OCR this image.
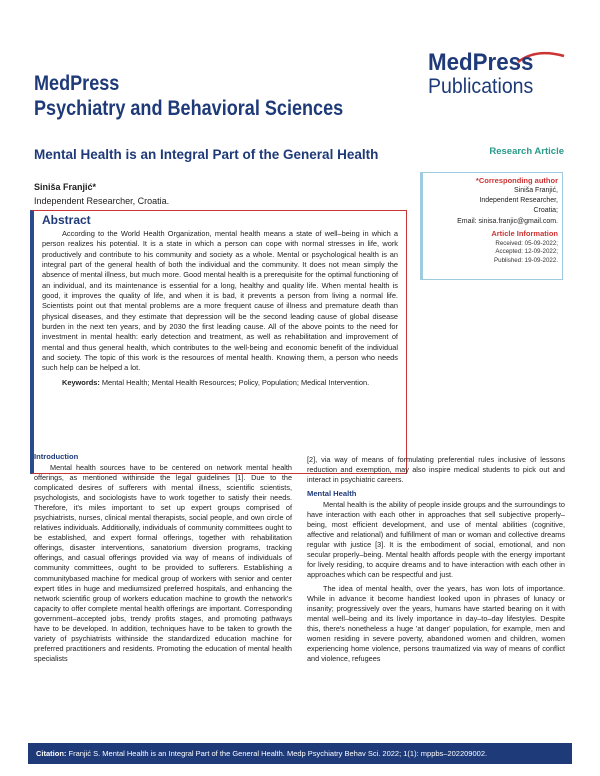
MedPress
Psychiatry and Behavioral Sciences
MedPress
Publications
Mental Health is an Integral Part of the General Health
Siniša Franjić*
Independent Researcher, Croatia.
Research Article
Abstract

According to the World Health Organization, mental health means a state of well–being in which a person realizes his potential. It is a state in which a person can cope with normal stresses in life, work productively and contribute to his community and society as a whole. Mental or psychological health is an integral part of the general health of both the individual and the community. It does not mean simply the absence of mental illness, but much more. Good mental health is a prerequisite for the optimal functioning of an individual, and its maintenance is essential for a long, healthy and quality life. When mental health is good, it improves the quality of life, and when it is bad, it prevents a person from living a normal life. Scientists point out that mental problems are a more frequent cause of illness and premature death than physical diseases, and they estimate that depression will be the second leading cause of global disease burden in the next ten years, and by 2030 the first leading cause. All of the above points to the need for investment in mental health: early detection and treatment, as well as rehabilitation and improvement of mental and thus general health, which contributes to the well-being and economic benefit of the individual and society. The topic of this work is the resources of mental health. Knowing them, a person who needs such help can be helped a lot.

Keywords: Mental Health; Mental Health Resources; Policy, Population; Medical Intervention.

*Corresponding author
Siniša Franjić,
Independent Researcher,
Croatia;
Email: sinisa.franjic@gmail.com.
Article Information
Received: 05-09-2022;
Accepted: 12-09-2022;
Published: 19-09-2022.
Introduction

Mental health sources have to be centered on network mental health offerings, as mentioned withinside the legal guidelines [1]. Due to the complicated desires of sufferers with mental illness, scientific scientists, psychologists, and sociologists have to work together to satisfy their needs. Therefore, it's miles important to set up expert groups comprised of psychiatrists, nurses, clinical mental therapists, social people, and own circle of relatives individuals. Additionally, individuals of community committees ought to be established, and expert formal offerings, together with rehabilitation offerings, disaster interventions, sanatorium diversion programs, tracking offerings, and casual offerings provided via way of means of individuals of community committees, ought to be provided to sufferers. Establishing a communitybased machine for medical group of workers with senior and center expert titles in huge and mediumsized preferred hospitals, and enhancing the network scientific group of workers education machine to growth the network's capacity to offer complete mental health offerings are important. Corresponding government–accepted jobs, trendy profits stages, and promoting pathways have to be developed. In addition, techniques have to be taken to growth the variety of psychiatrists withinside the standardized education machine for preferred practitioners and residents. Promoting the education of mental health specialists

[2], via way of means of formulating preferential rules inclusive of lessons reduction and exemption, may also inspire medical students to pick out and interact in psychiatric careers.

Mental Health

Mental health is the ability of people inside groups and the surroundings to have interaction with each other in approaches that sell subjective properly–being, most efficient development, and use of mental abilities (cognitive, affective and relational) and fulfillment of man or woman and collective dreams regular with justice [3]. It is the embodiment of social, emotional, and non secular properly–being. Mental health affords people with the energy important for lively residing, to acquire dreams and to have interaction with each other in approaches which can be respectful and just.

The idea of mental health, over the years, has won lots of importance. While in advance it become handiest looked upon in phrases of lunacy or insanity; progressively over the years, humans have started bearing on it with mental well–being and its lively importance in day–to–day lifestyles. Despite this, there's nonetheless a huge 'at danger' population, for example, men and women residing in severe poverty, abandoned women and children, women experiencing home violence, persons traumatized via way of means of conflict and violence, refugees

Citation: Franjić S. Mental Health is an Integral Part of the General Health. Medp Psychiatry Behav Sci. 2022; 1(1): mppbs–202209002.
